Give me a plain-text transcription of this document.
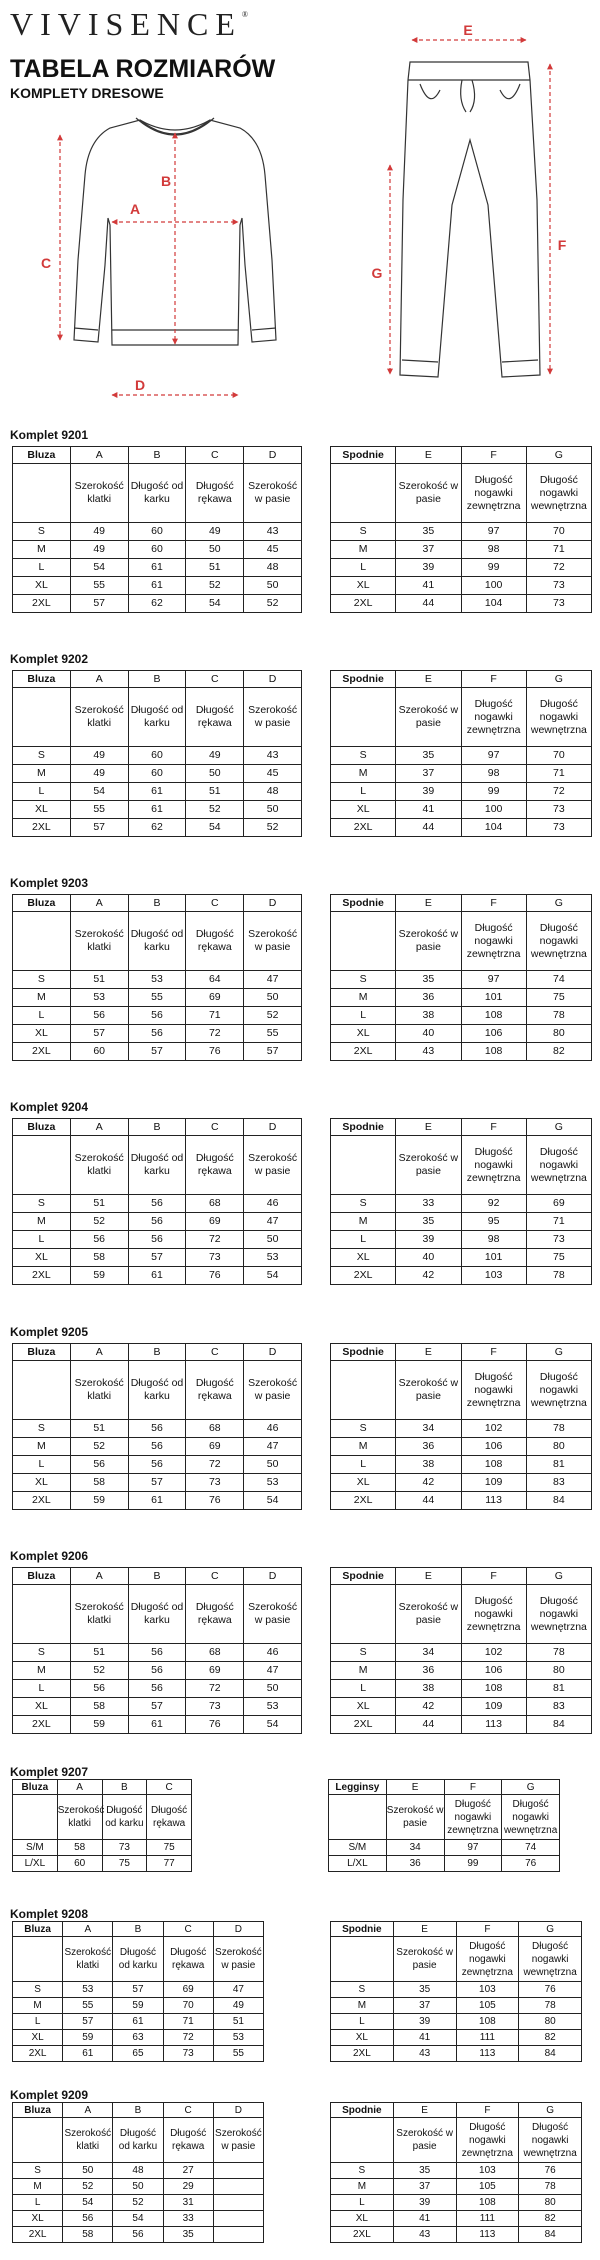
VIVISENCE®
TABELA ROZMIARÓW
KOMPLETY DRESOWE
A
B
C
D
E
F
G
Komplet 9201
Bluza	A	B	C	D
	Szerokość klatki	Długość od karku	Długość rękawa	Szerokość w pasie
S	49	60	49	43
M	49	60	50	45
L	54	61	51	48
XL	55	61	52	50
2XL	57	62	54	52
Spodnie	E	F	G
	Szerokość w pasie	Długość nogawki zewnętrzna	Długość nogawki wewnętrzna
S	35	97	70
M	37	98	71
L	39	99	72
XL	41	100	73
2XL	44	104	73
Komplet 9202
Bluza	A	B	C	D
	Szerokość klatki	Długość od karku	Długość rękawa	Szerokość w pasie
S	49	60	49	43
M	49	60	50	45
L	54	61	51	48
XL	55	61	52	50
2XL	57	62	54	52
Spodnie	E	F	G
	Szerokość w pasie	Długość nogawki zewnętrzna	Długość nogawki wewnętrzna
S	35	97	70
M	37	98	71
L	39	99	72
XL	41	100	73
2XL	44	104	73
Komplet 9203
Bluza	A	B	C	D
	Szerokość klatki	Długość od karku	Długość rękawa	Szerokość w pasie
S	51	53	64	47
M	53	55	69	50
L	56	56	71	52
XL	57	56	72	55
2XL	60	57	76	57
Spodnie	E	F	G
	Szerokość w pasie	Długość nogawki zewnętrzna	Długość nogawki wewnętrzna
S	35	97	74
M	36	101	75
L	38	108	78
XL	40	106	80
2XL	43	108	82
Komplet 9204
Bluza	A	B	C	D
	Szerokość klatki	Długość od karku	Długość rękawa	Szerokość w pasie
S	51	56	68	46
M	52	56	69	47
L	56	56	72	50
XL	58	57	73	53
2XL	59	61	76	54
Spodnie	E	F	G
	Szerokość w pasie	Długość nogawki zewnętrzna	Długość nogawki wewnętrzna
S	33	92	69
M	35	95	71
L	39	98	73
XL	40	101	75
2XL	42	103	78
Komplet 9205
Bluza	A	B	C	D
	Szerokość klatki	Długość od karku	Długość rękawa	Szerokość w pasie
S	51	56	68	46
M	52	56	69	47
L	56	56	72	50
XL	58	57	73	53
2XL	59	61	76	54
Spodnie	E	F	G
	Szerokość w pasie	Długość nogawki zewnętrzna	Długość nogawki wewnętrzna
S	34	102	78
M	36	106	80
L	38	108	81
XL	42	109	83
2XL	44	113	84
Komplet 9206
Bluza	A	B	C	D
	Szerokość klatki	Długość od karku	Długość rękawa	Szerokość w pasie
S	51	56	68	46
M	52	56	69	47
L	56	56	72	50
XL	58	57	73	53
2XL	59	61	76	54
Spodnie	E	F	G
	Szerokość w pasie	Długość nogawki zewnętrzna	Długość nogawki wewnętrzna
S	34	102	78
M	36	106	80
L	38	108	81
XL	42	109	83
2XL	44	113	84
Komplet 9207
Bluza	A	B	C
	Szerokość klatki	Długość od karku	Długość rękawa
S/M	58	73	75
L/XL	60	75	77
Legginsy	E	F	G
	Szerokość w pasie	Długość nogawki zewnętrzna	Długość nogawki wewnętrzna
S/M	34	97	74
L/XL	36	99	76
Komplet 9208
Bluza	A	B	C	D
	Szerokość klatki	Długość od karku	Długość rękawa	Szerokość w pasie
S	53	57	69	47
M	55	59	70	49
L	57	61	71	51
XL	59	63	72	53
2XL	61	65	73	55
Spodnie	E	F	G
	Szerokość w pasie	Długość nogawki zewnętrzna	Długość nogawki wewnętrzna
S	35	103	76
M	37	105	78
L	39	108	80
XL	41	111	82
2XL	43	113	84
Komplet 9209
Bluza	A	B	C	D
	Szerokość klatki	Długość od karku	Długość rękawa	Szerokość w pasie
S	50	48	27	
M	52	50	29	
L	54	52	31	
XL	56	54	33	
2XL	58	56	35	
Spodnie	E	F	G
	Szerokość w pasie	Długość nogawki zewnętrzna	Długość nogawki wewnętrzna
S	35	103	76
M	37	105	78
L	39	108	80
XL	41	111	82
2XL	43	113	84
